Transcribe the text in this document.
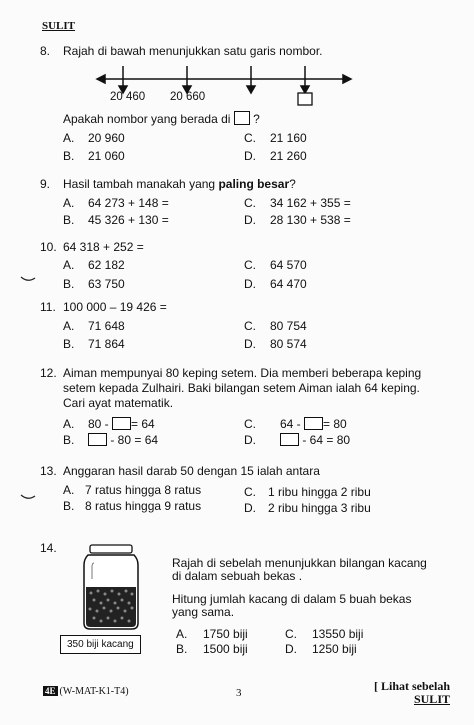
SULIT
8. Rajah di bawah menunjukkan satu garis nombor.
20 460 20 660
Apakah nombor yang berada di ?
A. 20 960
B. 21 060
C. 21 160
D. 21 260
9. Hasil tambah manakah yang paling besar?
A. 64 273 + 148 =
B. 45 326 + 130 =
C. 34 162 + 355 =
D. 28 130 + 538 =
10. 64 318 + 252 =
A. 62 182
B. 63 750
C. 64 570
D. 64 470
11. 100 000 – 19 426 =
A. 71 648
B. 71 864
C. 80 754
D. 80 574
12. Aiman mempunyai 80 keping setem. Dia memberi beberapa keping
setem kepada Zulhairi. Baki bilangan setem Aiman ialah 64 keping.
Cari ayat matematik.
A. 80 - = 64
B.	- 80 = 64
C. 64 - = 80
D.	- 64 = 80
13. Anggaran hasil darab 50 dengan 15 ialah antara
A. 7 ratus hingga 8 ratus
B. 8 ratus hingga 9 ratus
C. 1 ribu hingga 2 ribu
D. 2 ribu hingga 3 ribu
14.
350 biji kacang
Rajah di sebelah menunjukkan bilangan kacang
di dalam sebuah bekas .
Hitung jumlah kacang di dalam 5 buah bekas
yang sama.
A. 1750 biji
B. 1500 biji
C. 13550 biji
D. 1250 biji
4E (W-MAT-K1-T4)	3	[ Lihat sebelah
SULIT
